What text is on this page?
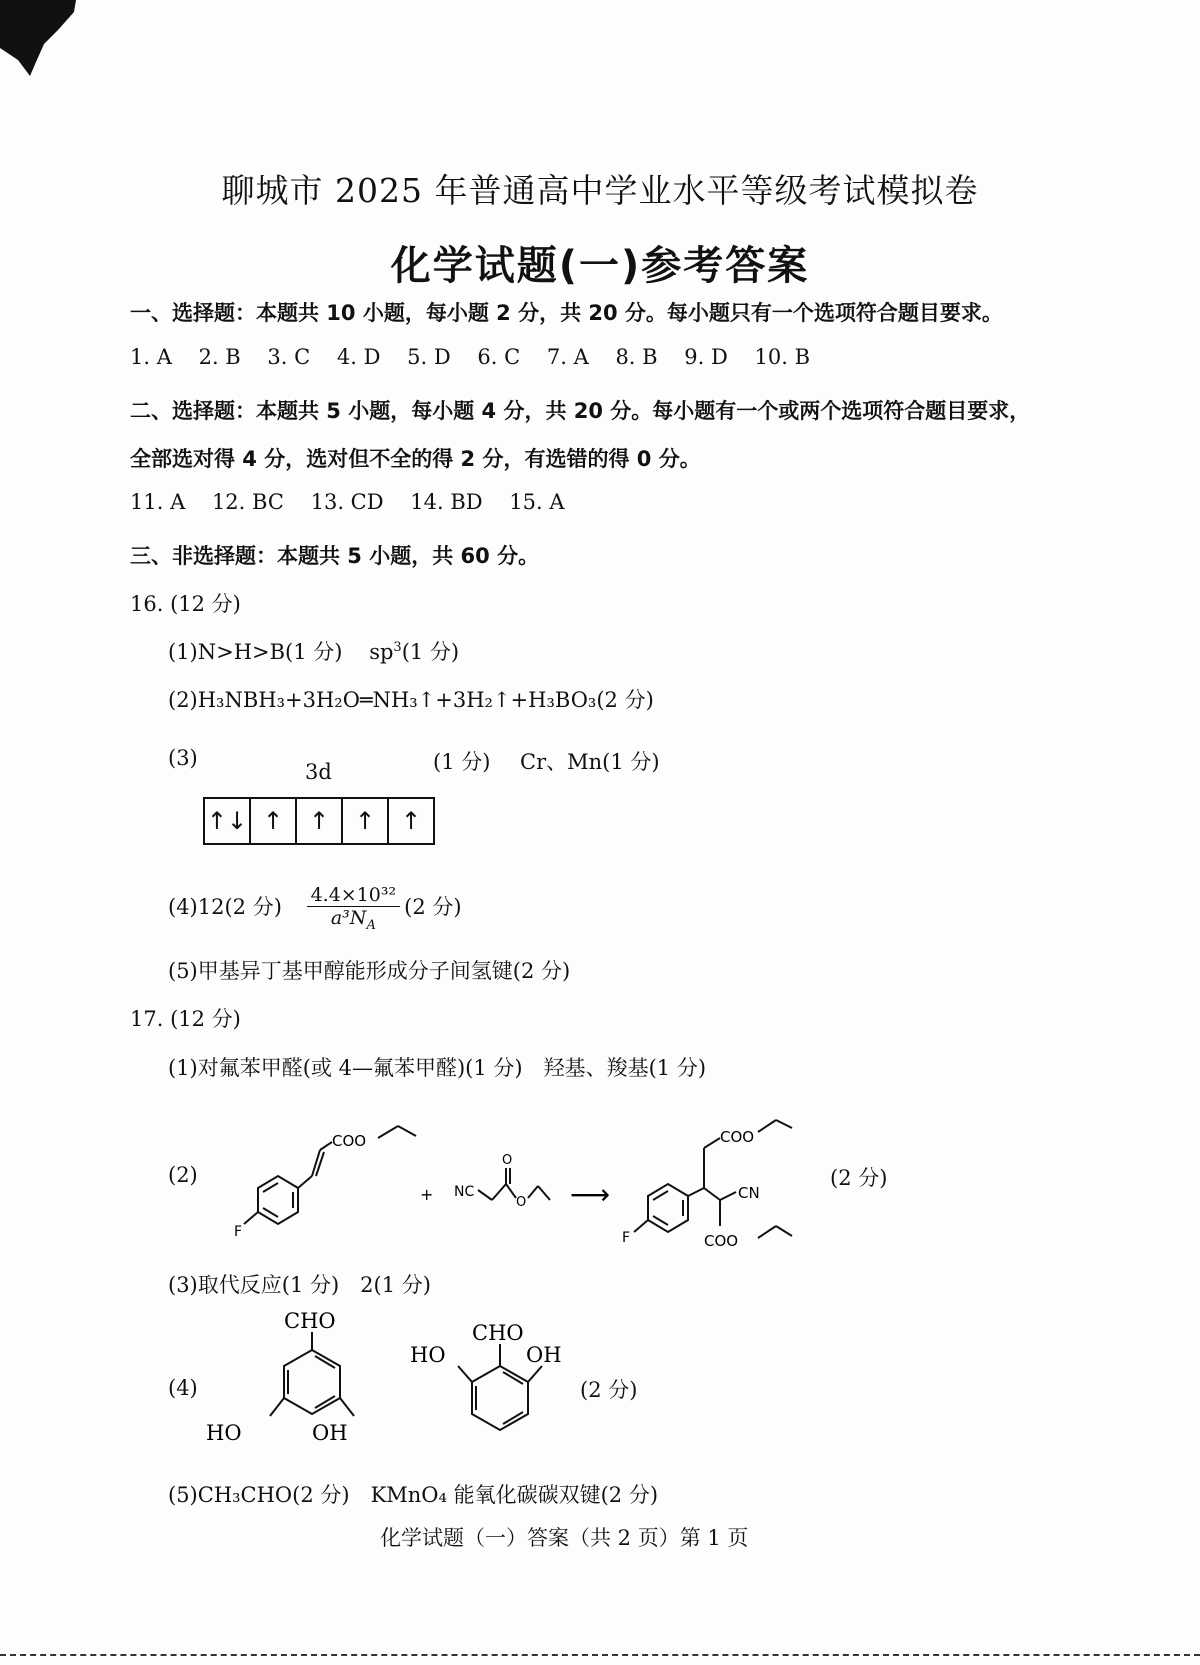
聊城市 2025 年普通高中学业水平等级考试模拟卷
化学试题(一)参考答案
一、选择题：本题共 10 小题，每小题 2 分，共 20 分。每小题只有一个选项符合题目要求。
1. A 2. B 3. C 4. D 5. D 6. C 7. A 8. B 9. D 10. B
二、选择题：本题共 5 小题，每小题 4 分，共 20 分。每小题有一个或两个选项符合题目要求，
全部选对得 4 分，选对但不全的得 2 分，有选错的得 0 分。
11. A 12. BC 13. CD 14. BD 15. A
三、非选择题：本题共 5 小题，共 60 分。
16. (12 分)
(1)N>H>B(1 分) $sp^3(1$ 分)
(2)H₃NBH₃+3H₂O═NH₃↑+3H₂↑+H₃BO₃(2 分)
(3)
3d
↑↓ ↑	↑	↑	↑
(1 分) Cr、Mn(1 分)
(4)12(2 分) $\frac{\text{4.4×10³²}}{a^3N_A} (2$ 分)
(5)甲基异丁基甲醇能形成分子间氢键(2 分)
17. (12 分)
(1)对氟苯甲醛(或 4—氟苯甲醛)(1 分)　羟基、羧基(1 分)
(2)
COO
F
+ NC
O
O ⟶
F
COO
CN
COO
(2 分)
(3)取代反应(1 分)　2(1 分)
(4)
CHO
HO	OH
CHO
HO	OH
(2 分)
(5)CH₃CHO(2 分)　KMnO₄ 能氧化碳碳双键(2 分)
化学试题（一）答案（共 2 页）第 1 页
